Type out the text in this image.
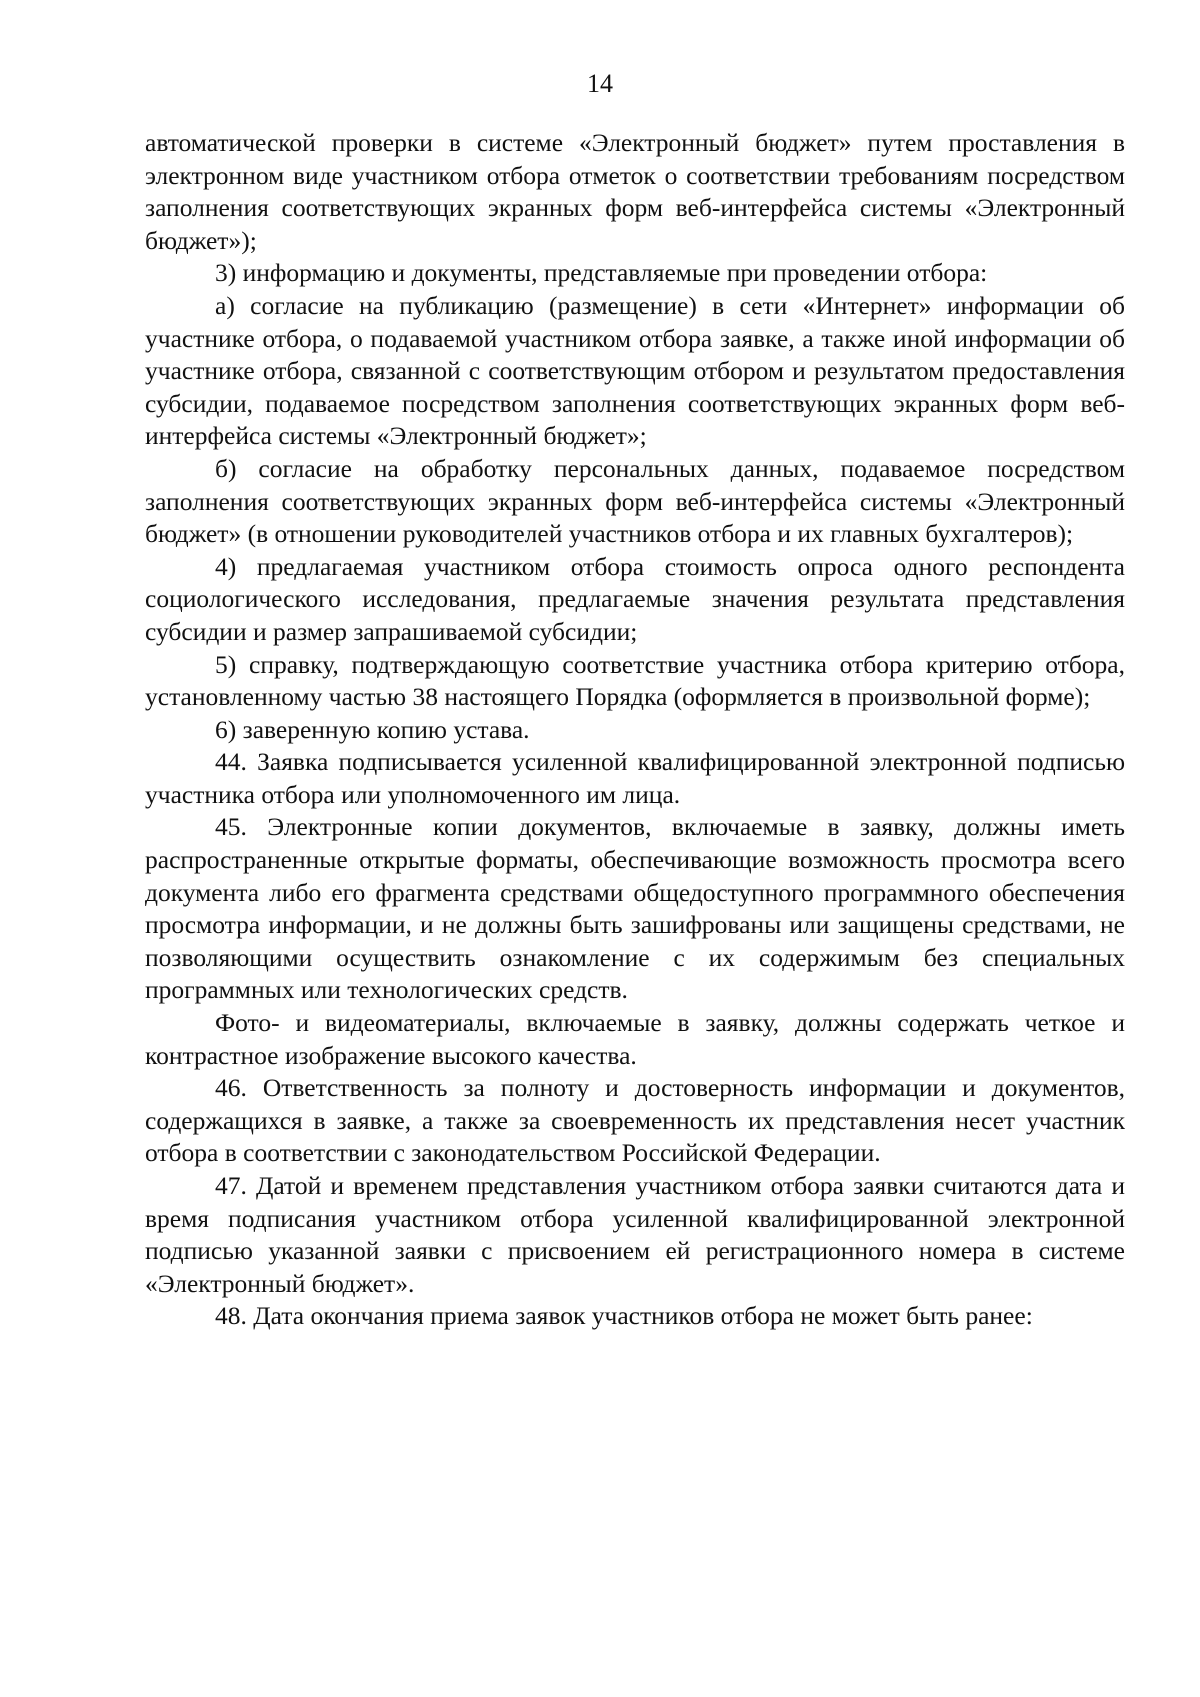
14

автоматической проверки в системе «Электронный бюджет» путем проставления в электронном виде участником отбора отметок о соответствии требованиям посредством заполнения соответствующих экранных форм веб-интерфейса системы «Электронный бюджет»);

3) информацию и документы, представляемые при проведении отбора:

а) согласие на публикацию (размещение) в сети «Интернет» информации об участнике отбора, о подаваемой участником отбора заявке, а также иной информации об участнике отбора, связанной с соответствующим отбором и результатом предоставления субсидии, подаваемое посредством заполнения соответствующих экранных форм веб-интерфейса системы «Электронный бюджет»;

б) согласие на обработку персональных данных, подаваемое посредством заполнения соответствующих экранных форм веб-интерфейса системы «Электронный бюджет» (в отношении руководителей участников отбора и их главных бухгалтеров);

4) предлагаемая участником отбора стоимость опроса одного респондента социологического исследования, предлагаемые значения результата представления субсидии и размер запрашиваемой субсидии;

5) справку, подтверждающую соответствие участника отбора критерию отбора, установленному частью 38 настоящего Порядка (оформляется в произвольной форме);

6) заверенную копию устава.

44. Заявка подписывается усиленной квалифицированной электронной подписью участника отбора или уполномоченного им лица.

45. Электронные копии документов, включаемые в заявку, должны иметь распространенные открытые форматы, обеспечивающие возможность просмотра всего документа либо его фрагмента средствами общедоступного программного обеспечения просмотра информации, и не должны быть зашифрованы или защищены средствами, не позволяющими осуществить ознакомление с их содержимым без специальных программных или технологических средств.

Фото- и видеоматериалы, включаемые в заявку, должны содержать четкое и контрастное изображение высокого качества.

46. Ответственность за полноту и достоверность информации и документов, содержащихся в заявке, а также за своевременность их представления несет участник отбора в соответствии с законодательством Российской Федерации.

47. Датой и временем представления участником отбора заявки считаются дата и время подписания участником отбора усиленной квалифицированной электронной подписью указанной заявки с присвоением ей регистрационного номера в системе «Электронный бюджет».

48. Дата окончания приема заявок участников отбора не может быть ранее:
